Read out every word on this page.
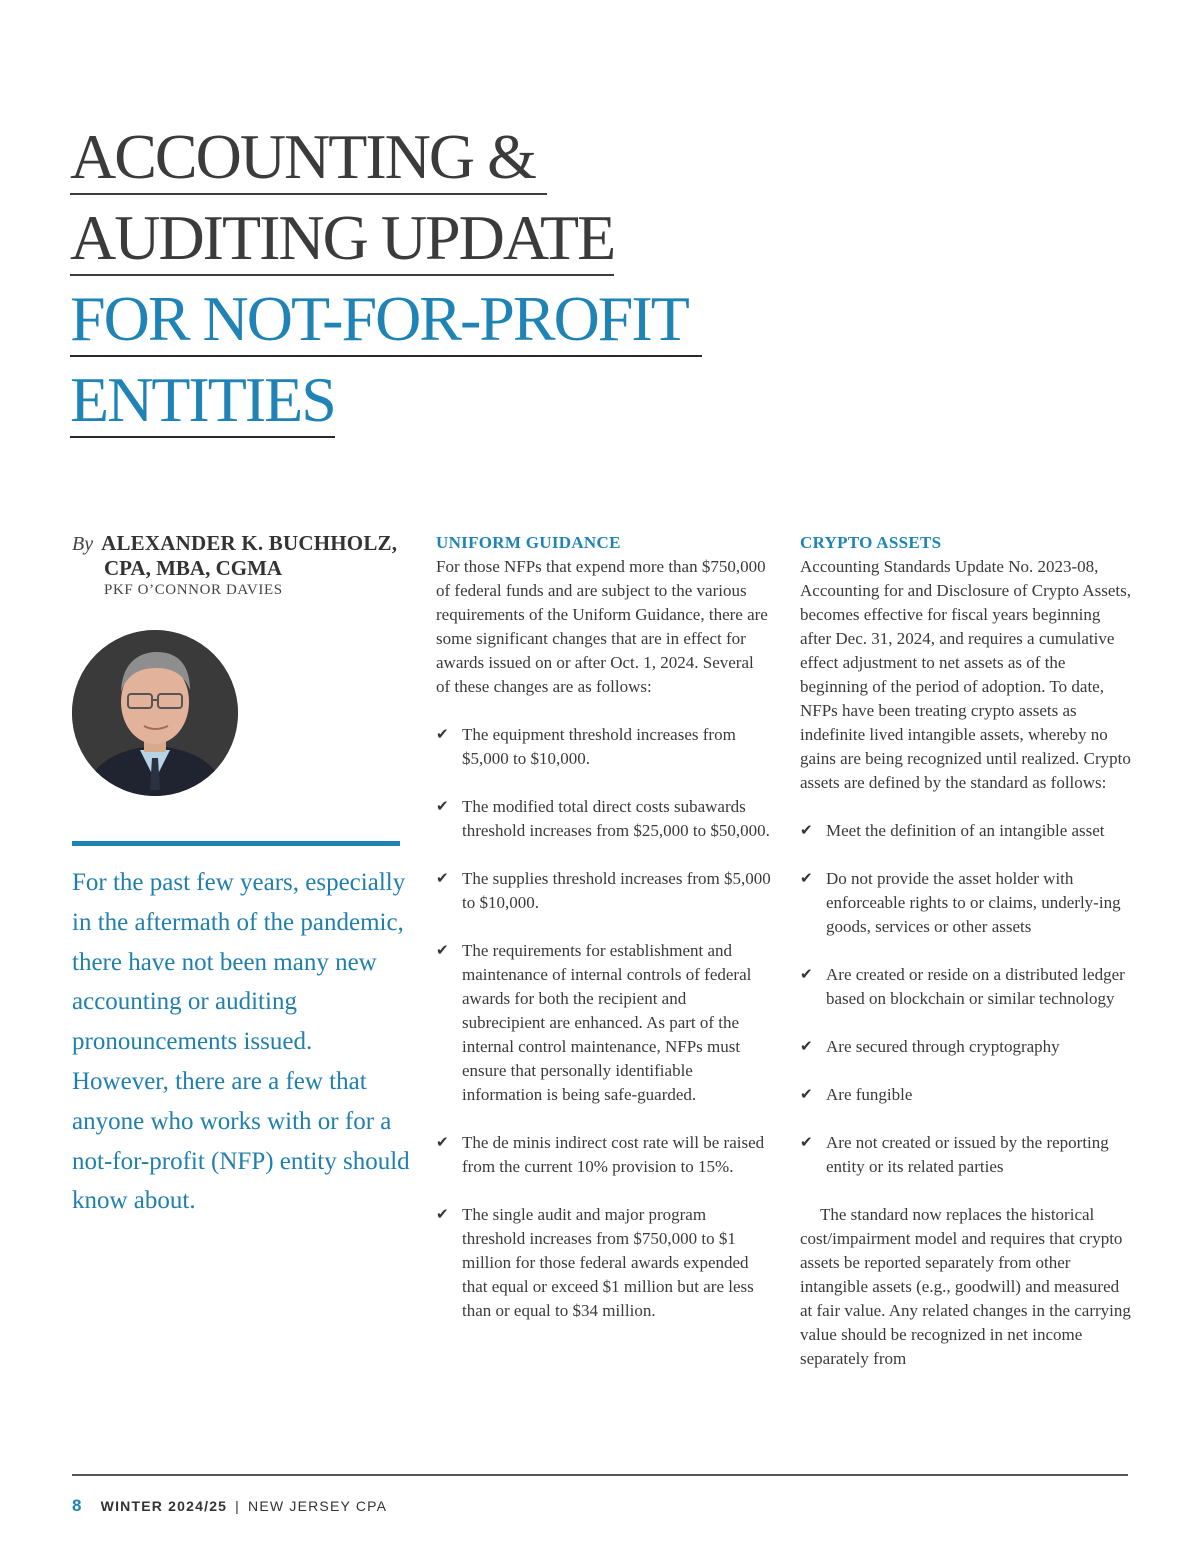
ACCOUNTING &
AUDITING UPDATE
FOR NOT-FOR-PROFIT
ENTITIES
By ALEXANDER K. BUCHHOLZ,
CPA, MBA, CGMA
PKF O’CONNOR DAVIES
For the past few years, especially in the aftermath of the pandemic, there have not been many new accounting or auditing pronouncements issued. However, there are a few that anyone who works with or for a not-for-profit (NFP) entity should know about.
UNIFORM GUIDANCE

For those NFPs that expend more than $750,000 of federal funds and are subject to the various requirements of the Uniform Guidance, there are some significant changes that are in effect for awards issued on or after Oct. 1, 2024. Several of these changes are as follows:

✔ The equipment threshold increases from $5,000 to $10,000.
✔ The modified total direct costs subawards threshold increases from $25,000 to $50,000.
✔ The supplies threshold increases from $5,000 to $10,000.
✔ The requirements for establishment and maintenance of internal controls of federal awards for both the recipient and subrecipient are enhanced. As part of the internal control maintenance, NFPs must ensure that personally identifiable information is being safe-guarded.
✔ The de minis indirect cost rate will be raised from the current 10% provision to 15%.
✔ The single audit and major program threshold increases from $750,000 to $1 million for those federal awards expended that equal or exceed $1 million but are less than or equal to $34 million.
CRYPTO ASSETS

Accounting Standards Update No. 2023-08, Accounting for and Disclosure of Crypto Assets, becomes effective for fiscal years beginning after Dec. 31, 2024, and requires a cumulative effect adjustment to net assets as of the beginning of the period of adoption. To date, NFPs have been treating crypto assets as indefinite lived intangible assets, whereby no gains are being recognized until realized. Crypto assets are defined by the standard as follows:

✔ Meet the definition of an intangible asset
✔ Do not provide the asset holder with enforceable rights to or claims, underly-ing goods, services or other assets
✔ Are created or reside on a distributed ledger based on blockchain or similar technology
✔ Are secured through cryptography
✔ Are fungible
✔ Are not created or issued by the reporting entity or its related parties

The standard now replaces the historical cost/impairment model and requires that crypto assets be reported separately from other intangible assets (e.g., goodwill) and measured at fair value. Any related changes in the carrying value should be recognized in net income separately from

8 WINTER 2024/25 | NEW JERSEY CPA
